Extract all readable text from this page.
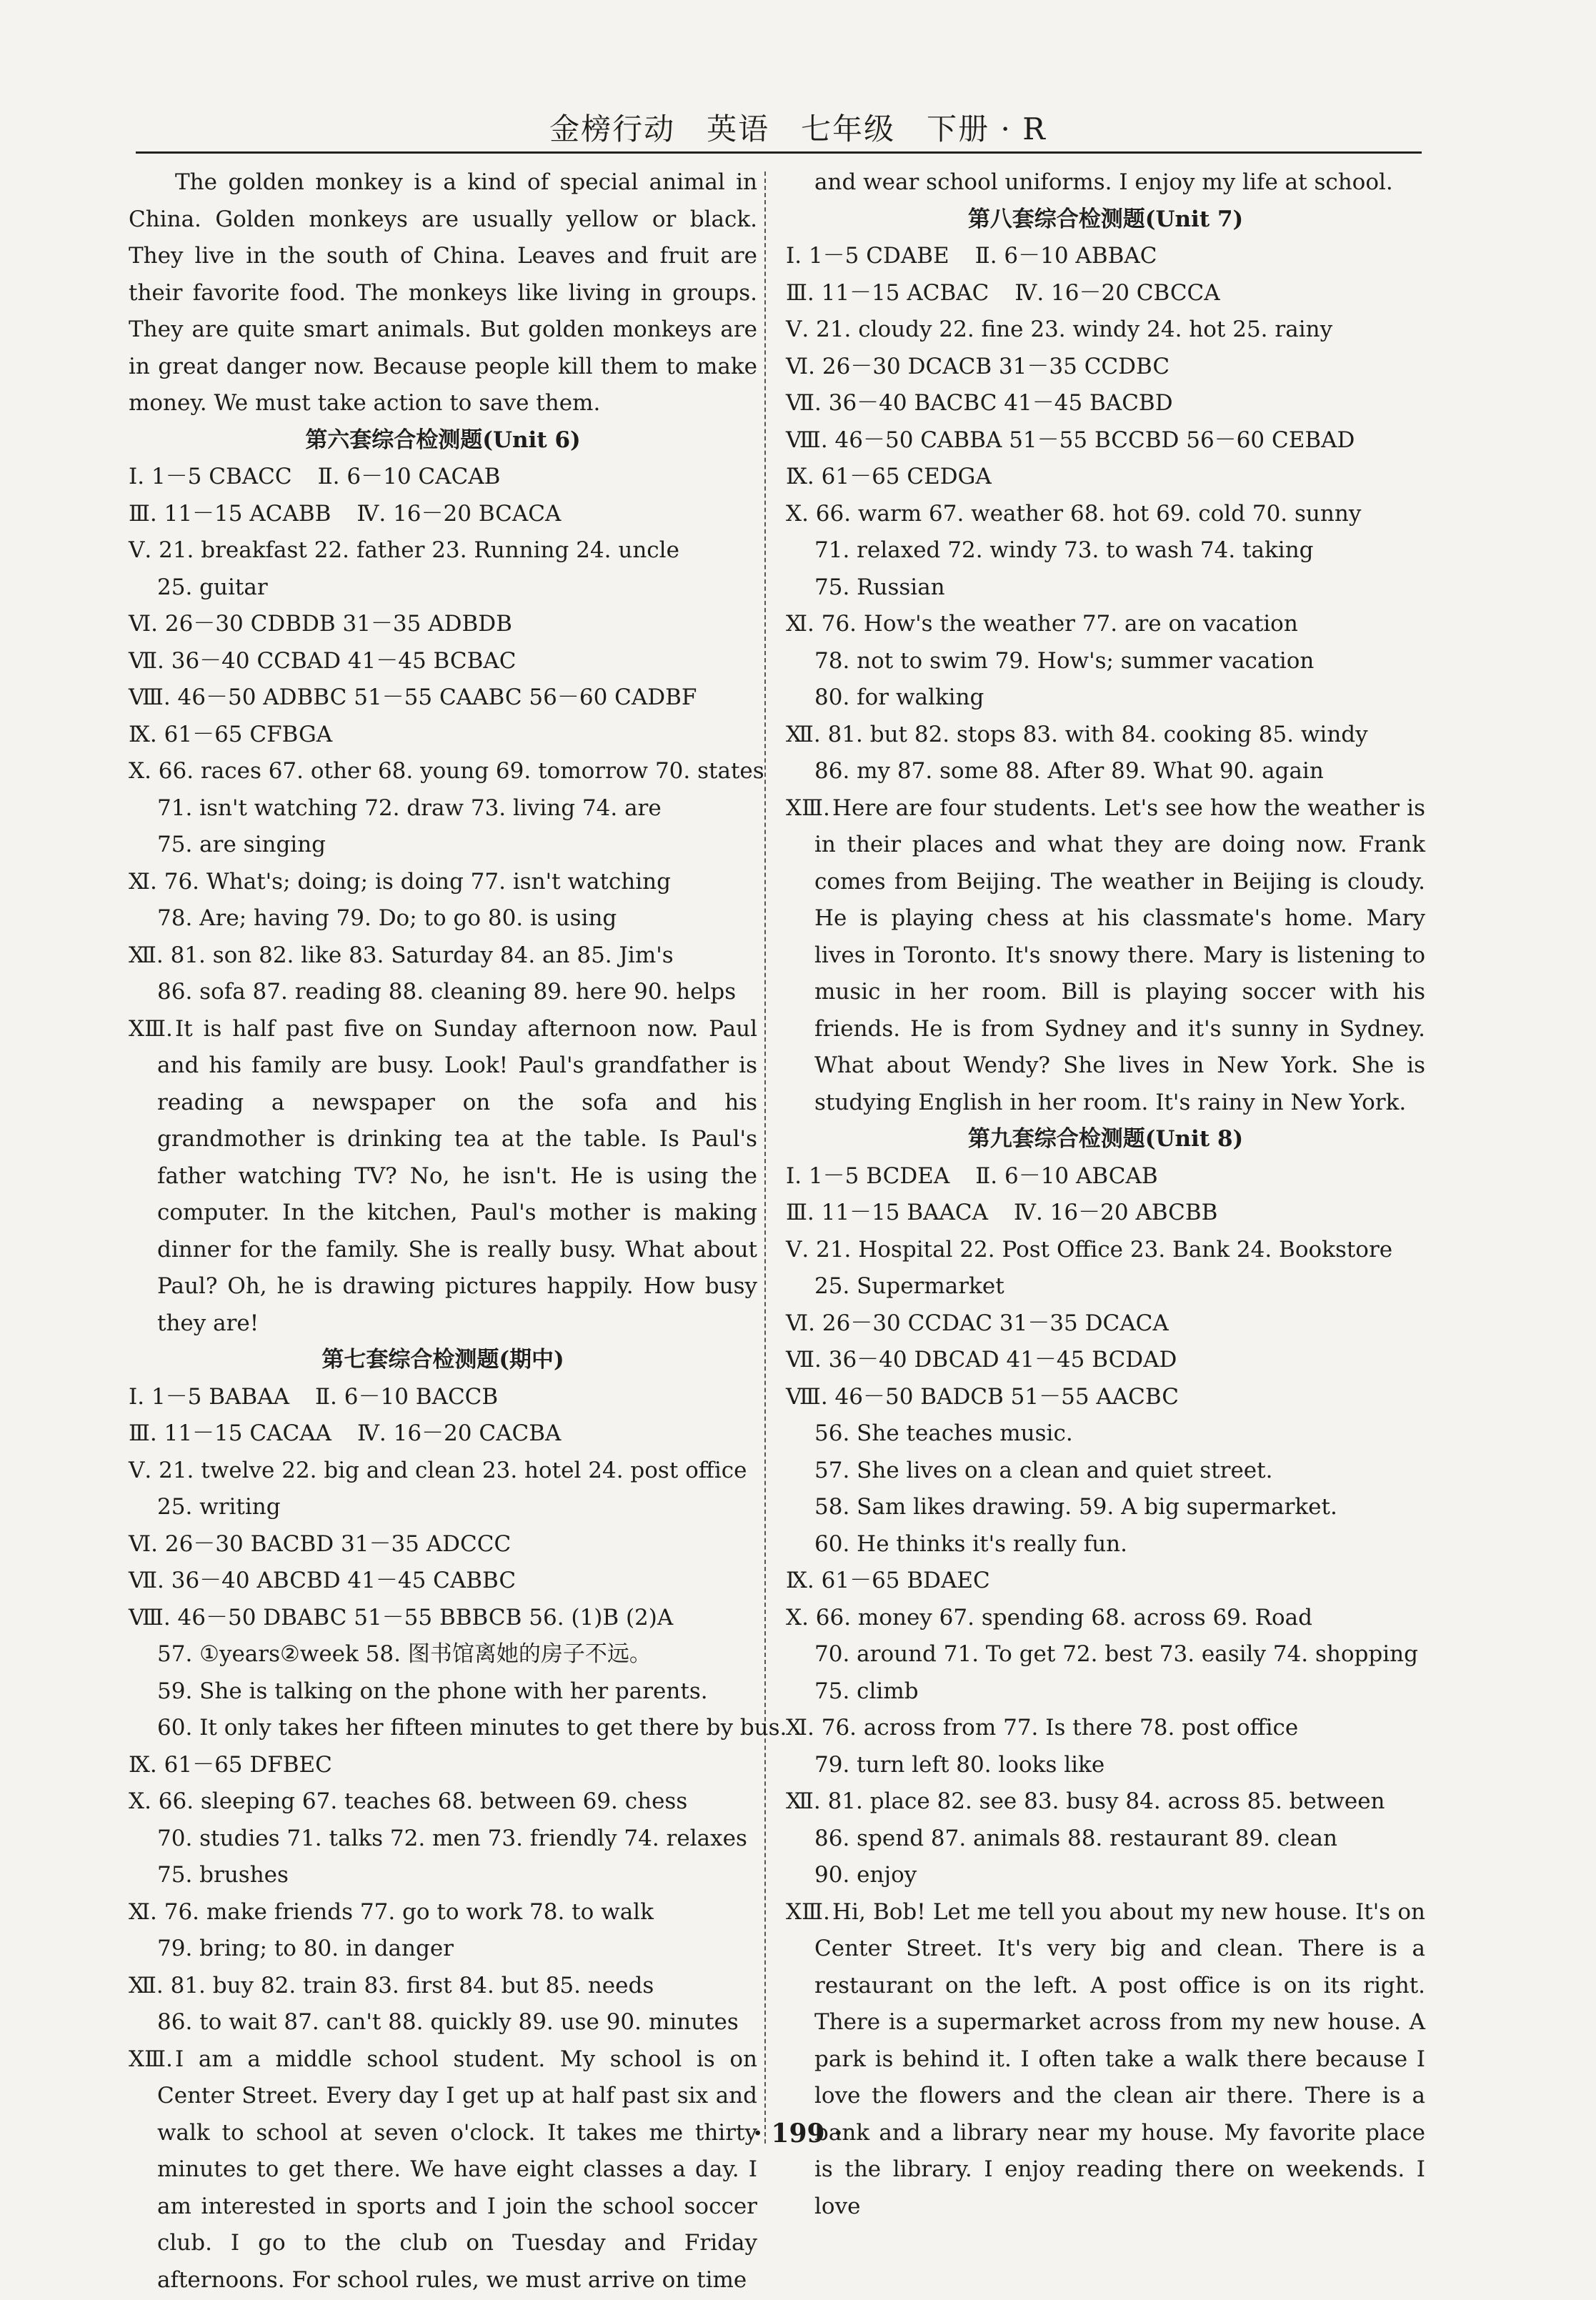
金榜行动　英语　七年级　下册 · R
The golden monkey is a kind of special animal in China. Golden monkeys are usually yellow or black. They live in the south of China. Leaves and fruit are their favorite food. The monkeys like living in groups. They are quite smart animals. But golden monkeys are in great danger now. Because people kill them to make money. We must take action to save them.
第六套综合检测题(Unit 6)
Ⅰ. 1－5 CBACC Ⅱ. 6－10 CACAB
Ⅲ. 11－15 ACABB Ⅳ. 16－20 BCACA
Ⅴ. 21. breakfast 22. father 23. Running 24. uncle
25. guitar
Ⅵ. 26－30 CDBDB 31－35 ADBDB
Ⅶ. 36－40 CCBAD 41－45 BCBAC
Ⅷ. 46－50 ADBBC 51－55 CAABC 56－60 CADBF
Ⅸ. 61－65 CFBGA
Ⅹ. 66. races 67. other 68. young 69. tomorrow 70. states
71. isn't watching 72. draw 73. living 74. are
75. are singing
Ⅺ. 76. What's; doing; is doing 77. isn't watching
78. Are; having 79. Do; to go 80. is using
Ⅻ. 81. son 82. like 83. Saturday 84. an 85. Jim's
86. sofa 87. reading 88. cleaning 89. here 90. helps
ⅩⅢ. It is half past five on Sunday afternoon now. Paul and his family are busy. Look! Paul's grandfather is reading a newspaper on the sofa and his grandmother is drinking tea at the table. Is Paul's father watching TV? No, he isn't. He is using the computer. In the kitchen, Paul's mother is making dinner for the family. She is really busy. What about Paul? Oh, he is drawing pictures happily. How busy they are!
第七套综合检测题(期中)
Ⅰ. 1－5 BABAA Ⅱ. 6－10 BACCB
Ⅲ. 11－15 CACAA Ⅳ. 16－20 CACBA
Ⅴ. 21. twelve 22. big and clean 23. hotel 24. post office
25. writing
Ⅵ. 26－30 BACBD 31－35 ADCCC
Ⅶ. 36－40 ABCBD 41－45 CABBC
Ⅷ. 46－50 DBABC 51－55 BBBCB 56. (1)B (2)A
57. ①years②week 58. 图书馆离她的房子不远。
59. She is talking on the phone with her parents.
60. It only takes her fifteen minutes to get there by bus.
Ⅸ. 61－65 DFBEC
Ⅹ. 66. sleeping 67. teaches 68. between 69. chess
70. studies 71. talks 72. men 73. friendly 74. relaxes
75. brushes
Ⅺ. 76. make friends 77. go to work 78. to walk
79. bring; to 80. in danger
Ⅻ. 81. buy 82. train 83. first 84. but 85. needs
86. to wait 87. can't 88. quickly 89. use 90. minutes
ⅩⅢ. I am a middle school student. My school is on Center Street. Every day I get up at half past six and walk to school at seven o'clock. It takes me thirty minutes to get there. We have eight classes a day. I am interested in sports and I join the school soccer club. I go to the club on Tuesday and Friday afternoons. For school rules, we must arrive on time
and wear school uniforms. I enjoy my life at school.
第八套综合检测题(Unit 7)
Ⅰ. 1－5 CDABE Ⅱ. 6－10 ABBAC
Ⅲ. 11－15 ACBAC Ⅳ. 16－20 CBCCA
Ⅴ. 21. cloudy 22. fine 23. windy 24. hot 25. rainy
Ⅵ. 26－30 DCACB 31－35 CCDBC
Ⅶ. 36－40 BACBC 41－45 BACBD
Ⅷ. 46－50 CABBA 51－55 BCCBD 56－60 CEBAD
Ⅸ. 61－65 CEDGA
Ⅹ. 66. warm 67. weather 68. hot 69. cold 70. sunny
71. relaxed 72. windy 73. to wash 74. taking
75. Russian
Ⅺ. 76. How's the weather 77. are on vacation
78. not to swim 79. How's; summer vacation
80. for walking
Ⅻ. 81. but 82. stops 83. with 84. cooking 85. windy
86. my 87. some 88. After 89. What 90. again
ⅩⅢ. Here are four students. Let's see how the weather is in their places and what they are doing now. Frank comes from Beijing. The weather in Beijing is cloudy. He is playing chess at his classmate's home. Mary lives in Toronto. It's snowy there. Mary is listening to music in her room. Bill is playing soccer with his friends. He is from Sydney and it's sunny in Sydney. What about Wendy? She lives in New York. She is studying English in her room. It's rainy in New York.
第九套综合检测题(Unit 8)
Ⅰ. 1－5 BCDEA Ⅱ. 6－10 ABCAB
Ⅲ. 11－15 BAACA Ⅳ. 16－20 ABCBB
Ⅴ. 21. Hospital 22. Post Office 23. Bank 24. Bookstore
25. Supermarket
Ⅵ. 26－30 CCDAC 31－35 DCACA
Ⅶ. 36－40 DBCAD 41－45 BCDAD
Ⅷ. 46－50 BADCB 51－55 AACBC
56. She teaches music.
57. She lives on a clean and quiet street.
58. Sam likes drawing. 59. A big supermarket.
60. He thinks it's really fun.
Ⅸ. 61－65 BDAEC
Ⅹ. 66. money 67. spending 68. across 69. Road
70. around 71. To get 72. best 73. easily 74. shopping
75. climb
Ⅺ. 76. across from 77. Is there 78. post office
79. turn left 80. looks like
Ⅻ. 81. place 82. see 83. busy 84. across 85. between
86. spend 87. animals 88. restaurant 89. clean
90. enjoy
ⅩⅢ. Hi, Bob! Let me tell you about my new house. It's on Center Street. It's very big and clean. There is a restaurant on the left. A post office is on its right. There is a supermarket across from my new house. A park is behind it. I often take a walk there because I love the flowers and the clean air there. There is a bank and a library near my house. My favorite place is the library. I enjoy reading there on weekends. I love
· 199 ·
